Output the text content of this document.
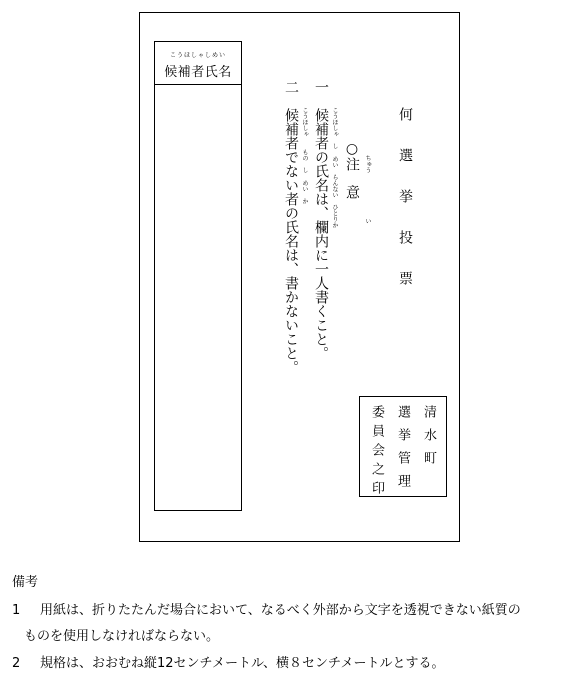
こうほしゃしめい
候補者氏名
何選挙投票
○注　意 ちゅう
い
一候補者の氏名は、欄内に一人書くこと。 こうほしゃ　し めい　らんない　ひとりか
二候補者でない者の氏名は、書かないこと。 こうほしゃ　　もの　し めい　か
清水町
選挙管理
委員会之印
備考
1 用紙は、折りたたんだ場合において、なるべく外部から文字を透視できない紙質の
ものを使用しなければならない。
2 規格は、おおむね縦12センチメートル、横８センチメートルとする。
